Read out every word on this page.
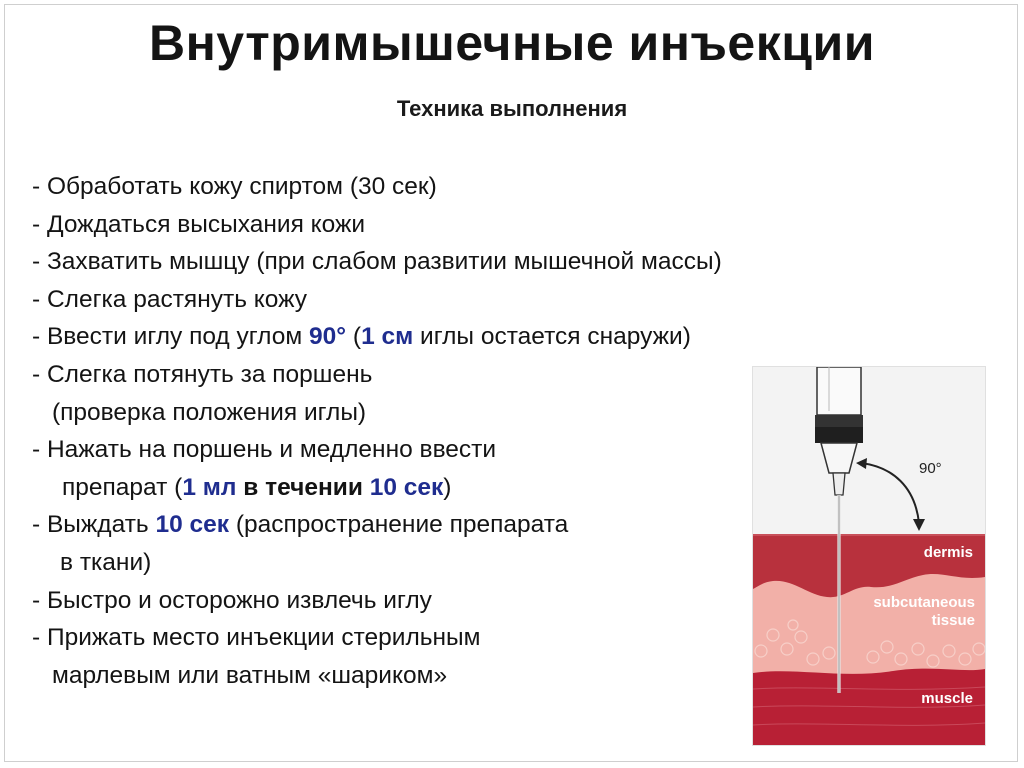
Внутримышечные инъекции
Техника выполнения
- Обработать кожу спиртом (30 сек)
- Дождаться высыхания кожи
- Захватить мышцу (при слабом развитии мышечной массы)
- Слегка растянуть кожу
- Ввести иглу под углом 90° (1 см иглы остается снаружи)
- Слегка потянуть за поршень
(проверка положения иглы)
- Нажать на поршень и медленно ввести
препарат (1 мл в течении 10 сек)
- Выждать 10 сек (распространение препарата
в ткани)
- Быстро и осторожно извлечь иглу
- Прижать место инъекции стерильным
марлевым или ватным «шариком»
90°
dermis
subcutaneous
tissue
muscle
